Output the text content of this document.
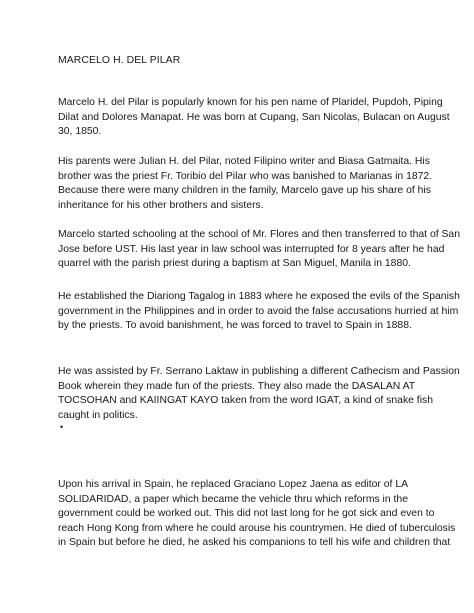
MARCELO H. DEL PILAR

Marcelo H. del Pilar is popularly known for his pen name of Plaridel, Pupdoh, Piping
Dilat and Dolores Manapat. He was born at Cupang, San Nicolas, Bulacan on August
30, 1850.

His parents were Julian H. del Pilar, noted Filipino writer and Biasa Gatmaita. His
brother was the priest Fr. Toribio del Pilar who was banished to Marianas in 1872.
Because there were many children in the family, Marcelo gave up his share of his
inheritance for his other brothers and sisters.

Marcelo started schooling at the school of Mr. Flores and then transferred to that of San
Jose before UST. His last year in law school was interrupted for 8 years after he had
quarrel with the parish priest during a baptism at San Miguel, Manila in 1880.

He established the Diariong Tagalog in 1883 where he exposed the evils of the Spanish
government in the Philippines and in order to avoid the false accusations hurried at him
by the priests. To avoid banishment, he was forced to travel to Spain in 1888.

He was assisted by Fr. Serrano Laktaw in publishing a different Cathecism and Passion
Book wherein they made fun of the priests. They also made the DASALAN AT
TOCSOHAN and KAIINGAT KAYO taken from the word IGAT, a kind of snake fish
caught in politics.

•

Upon his arrival in Spain, he replaced Graciano Lopez Jaena as editor of LA
SOLIDARIDAD, a paper which became the vehicle thru which reforms in the
government could be worked out. This did not last long for he got sick and even to
reach Hong Kong from where he could arouse his countrymen. He died of tuberculosis
in Spain but before he died, he asked his companions to tell his wife and children that
